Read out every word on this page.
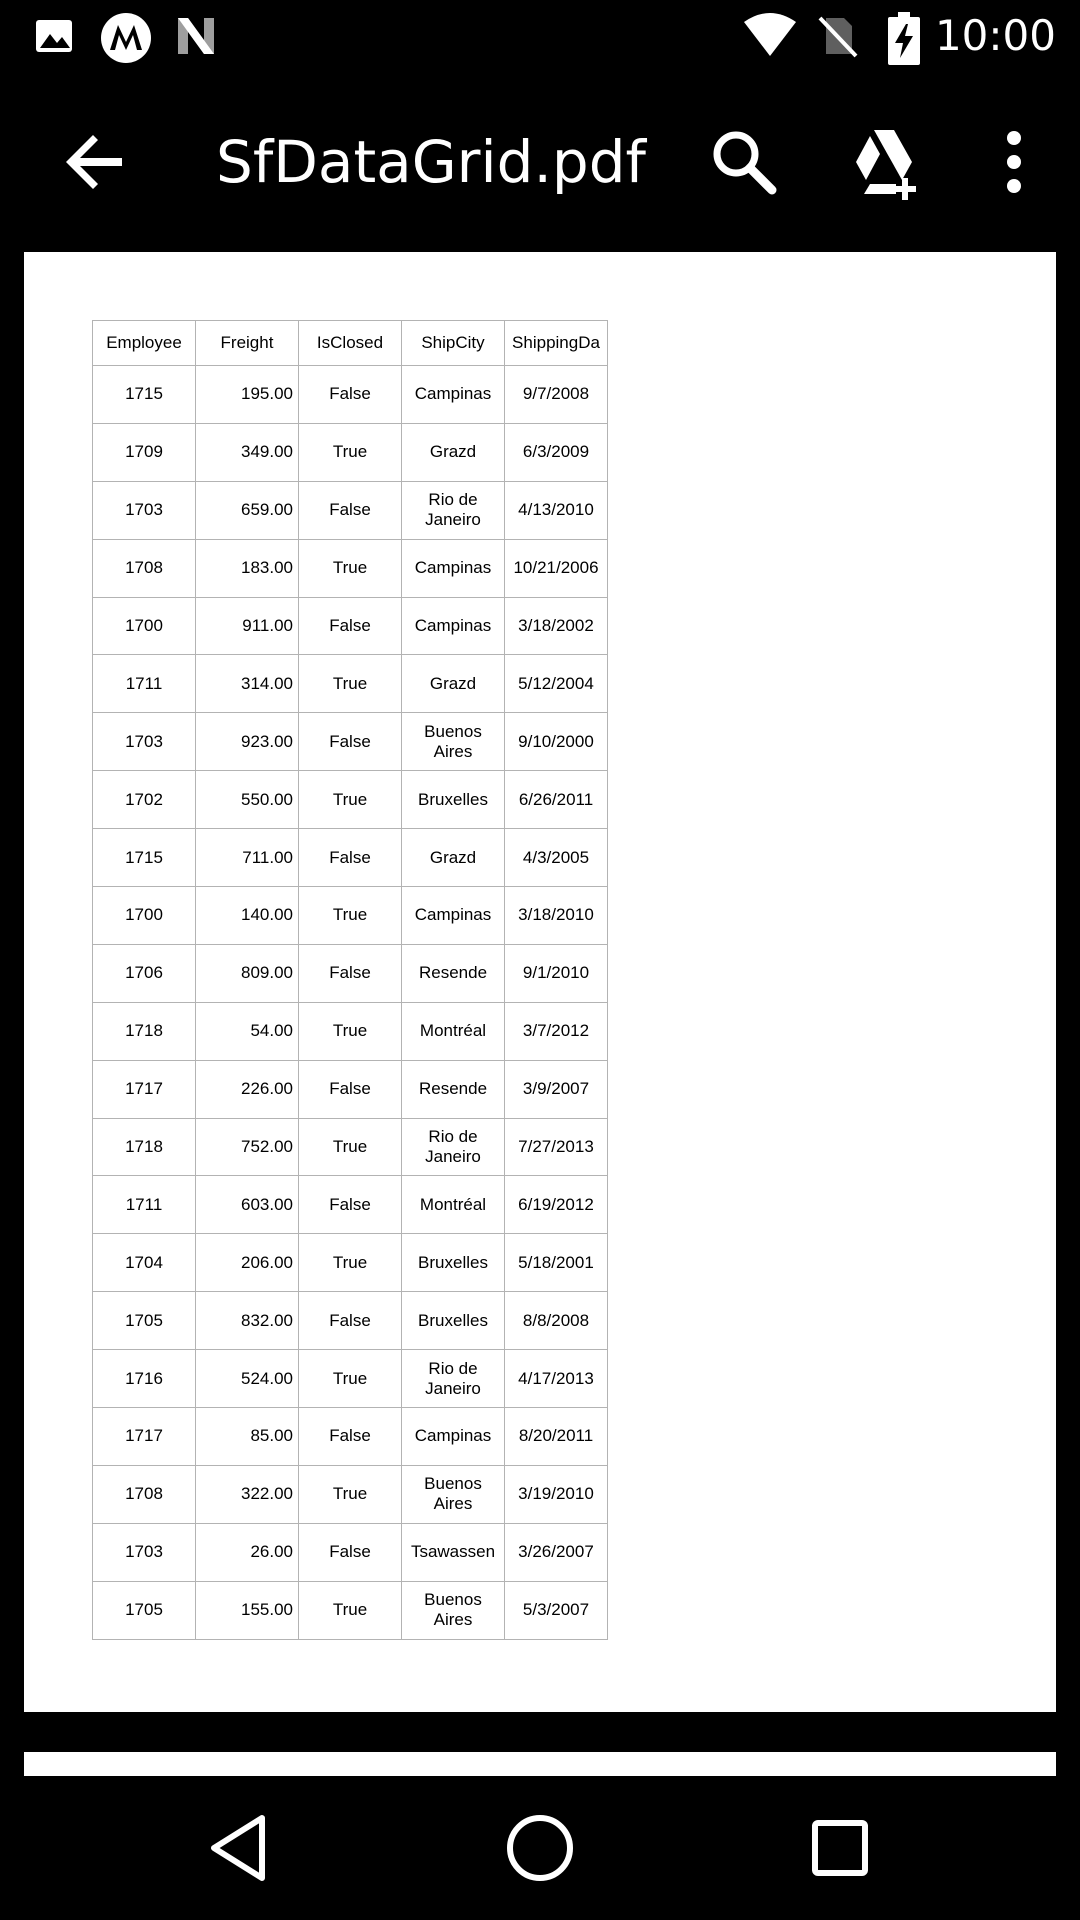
10:00
SfDataGrid.pdf
Employee	Freight	IsClosed	ShipCity	ShippingDa
1715	195.00	False	Campinas	9/7/2008
1709	349.00	True	Grazd	6/3/2009
1703	659.00	False	Rio de Janeiro	4/13/2010
1708	183.00	True	Campinas	10/21/2006
1700	911.00	False	Campinas	3/18/2002
1711	314.00	True	Grazd	5/12/2004
1703	923.00	False	Buenos Aires	9/10/2000
1702	550.00	True	Bruxelles	6/26/2011
1715	711.00	False	Grazd	4/3/2005
1700	140.00	True	Campinas	3/18/2010
1706	809.00	False	Resende	9/1/2010
1718	54.00	True	Montréal	3/7/2012
1717	226.00	False	Resende	3/9/2007
1718	752.00	True	Rio de Janeiro	7/27/2013
1711	603.00	False	Montréal	6/19/2012
1704	206.00	True	Bruxelles	5/18/2001
1705	832.00	False	Bruxelles	8/8/2008
1716	524.00	True	Rio de Janeiro	4/17/2013
1717	85.00	False	Campinas	8/20/2011
1708	322.00	True	Buenos Aires	3/19/2010
1703	26.00	False	Tsawassen	3/26/2007
1705	155.00	True	Buenos Aires	5/3/2007
